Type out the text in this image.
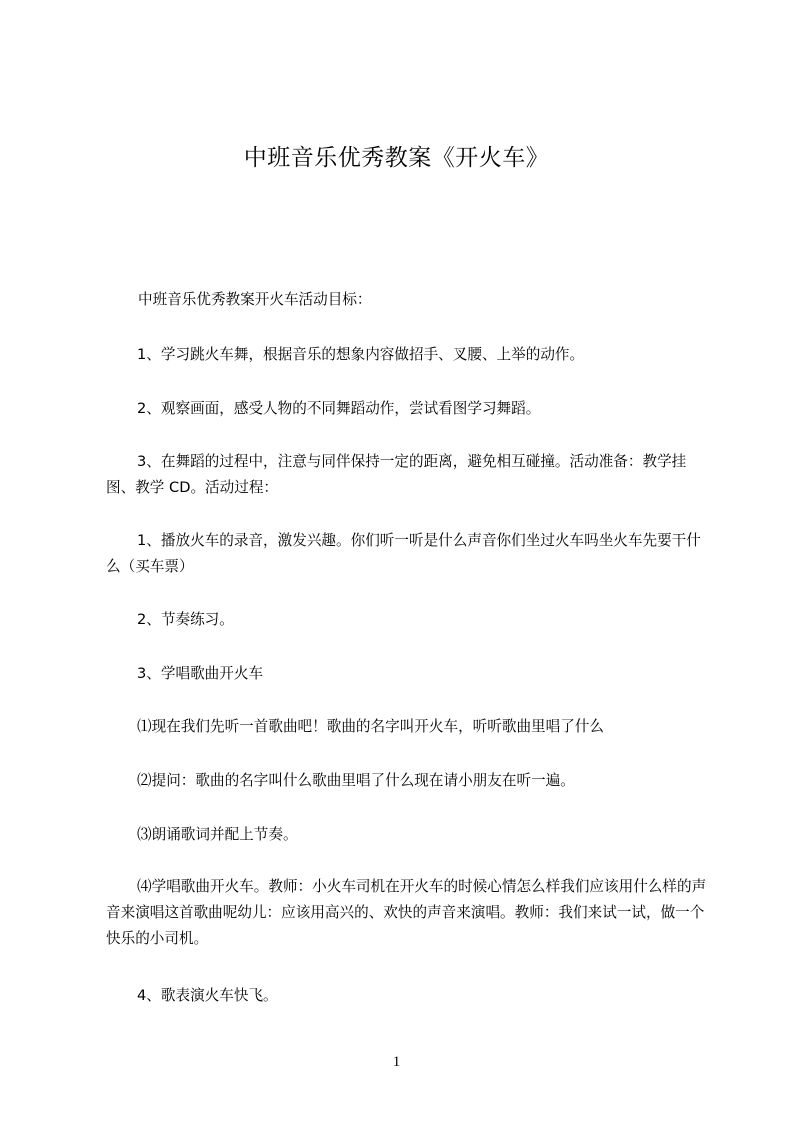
中班音乐优秀教案《开火车》
中班音乐优秀教案开火车活动目标：
1、学习跳火车舞，根据音乐的想象内容做招手、叉腰、上举的动作。
2、观察画面，感受人物的不同舞蹈动作，尝试看图学习舞蹈。
3、在舞蹈的过程中，注意与同伴保持一定的距离，避免相互碰撞。活动准备：教学挂图、教学 CD。活动过程：
1、播放火车的录音，激发兴趣。你们听一听是什么声音你们坐过火车吗坐火车先要干什么（买车票）
2、节奏练习。
3、学唱歌曲开火车
⑴现在我们先听一首歌曲吧！歌曲的名字叫开火车，听听歌曲里唱了什么
⑵提问：歌曲的名字叫什么歌曲里唱了什么现在请小朋友在听一遍。
⑶朗诵歌词并配上节奏。
⑷学唱歌曲开火车。教师：小火车司机在开火车的时候心情怎么样我们应该用什么样的声音来演唱这首歌曲呢幼儿：应该用高兴的、欢快的声音来演唱。教师：我们来试一试，做一个快乐的小司机。
4、歌表演火车快飞。
1
